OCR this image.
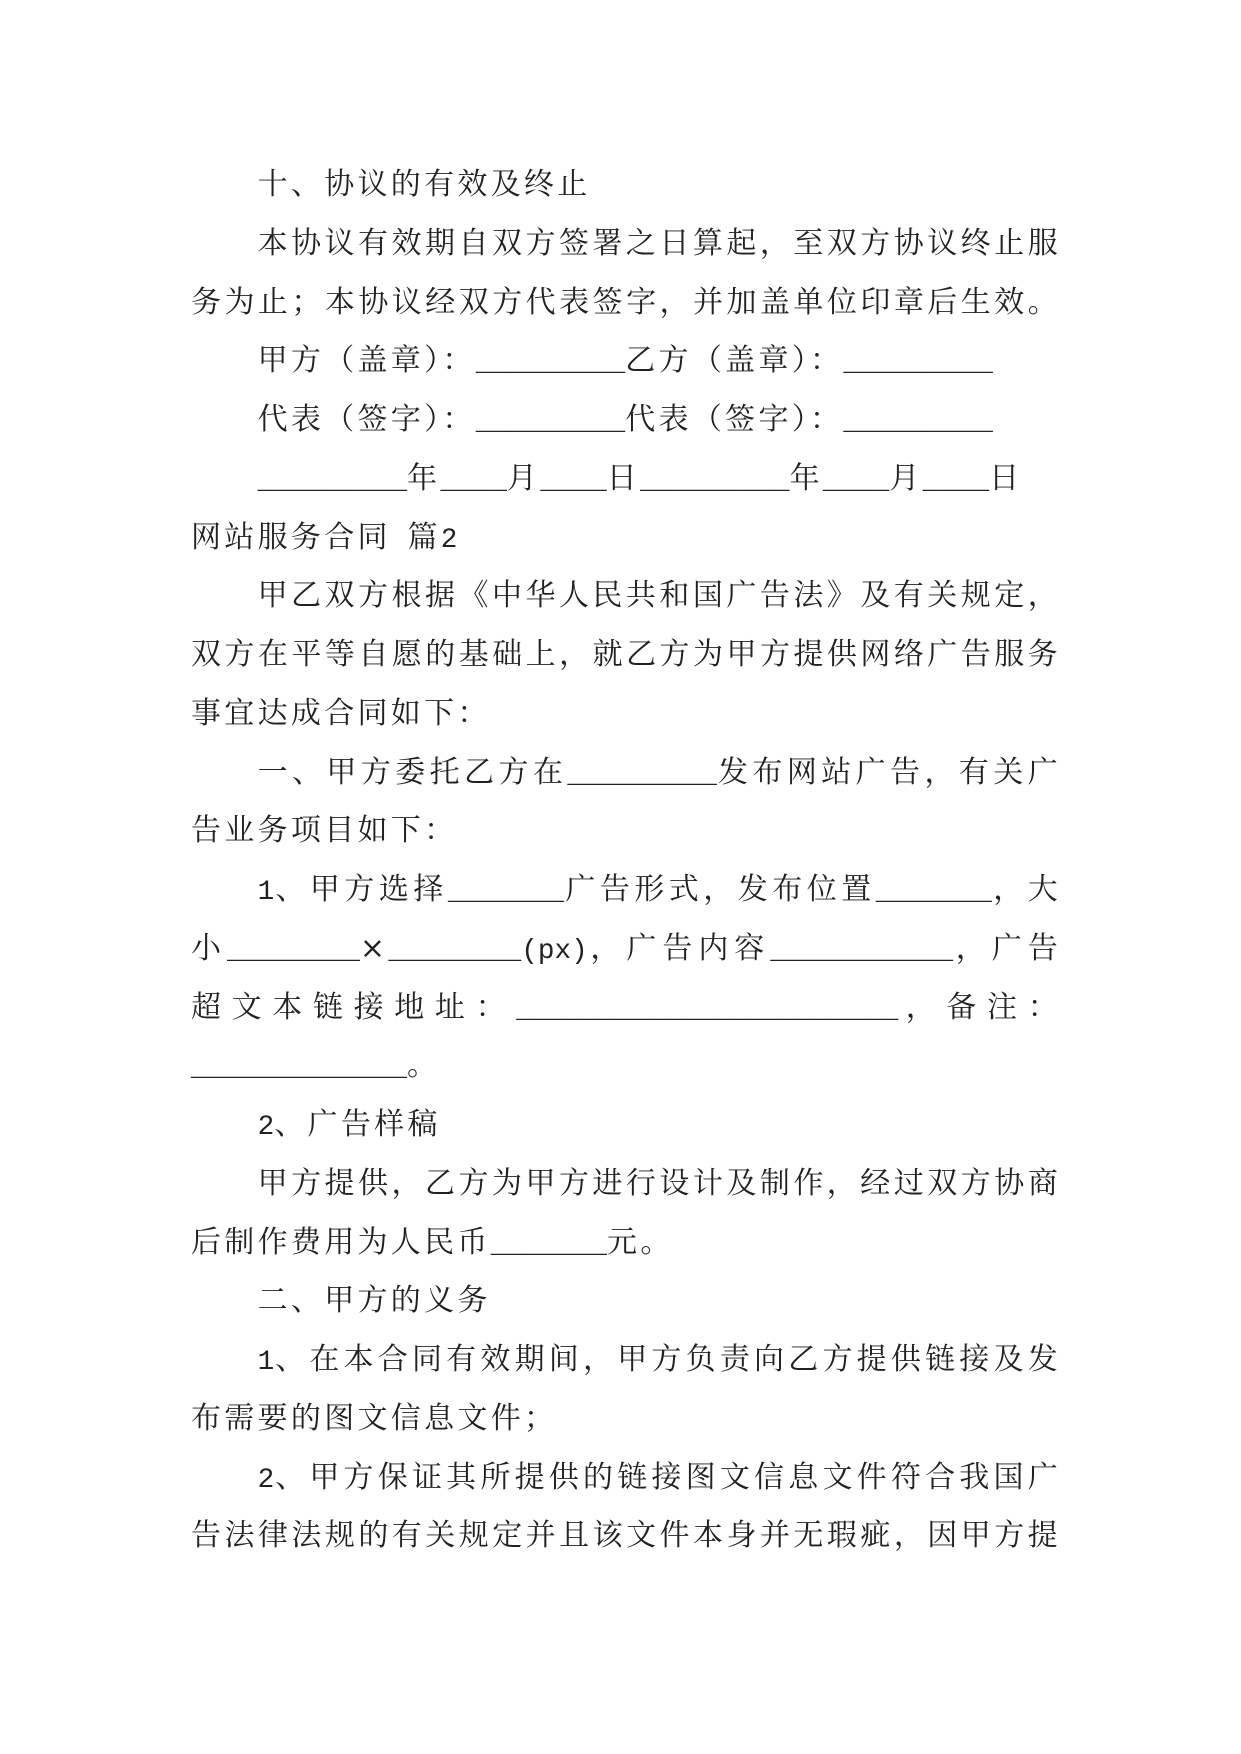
十、协议的有效及终止
本协议有效期自双方签署之日算起，至双方协议终止服
务为止；本协议经双方代表签字，并加盖单位印章后生效。
甲方（盖章）：_________乙方（盖章）：_________
代表（签字）：_________代表（签字）：_________
_________年____月____日_________年____月____日
网站服务合同 篇2
甲乙双方根据《中华人民共和国广告法》及有关规定，
双方在平等自愿的基础上，就乙方为甲方提供网络广告服务
事宜达成合同如下：
一、甲方委托乙方在_________发布网站广告，有关广
告业务项目如下：
1、甲方选择_______广告形式，发布位置_______，大
小________×________(px)，广告内容___________，广告
超文本链接地址：_______________________，备注：
_____________。
2、广告样稿
甲方提供，乙方为甲方进行设计及制作，经过双方协商
后制作费用为人民币_______元。
二、甲方的义务
1、在本合同有效期间，甲方负责向乙方提供链接及发
布需要的图文信息文件；
2、甲方保证其所提供的链接图文信息文件符合我国广
告法律法规的有关规定并且该文件本身并无瑕疵，因甲方提
